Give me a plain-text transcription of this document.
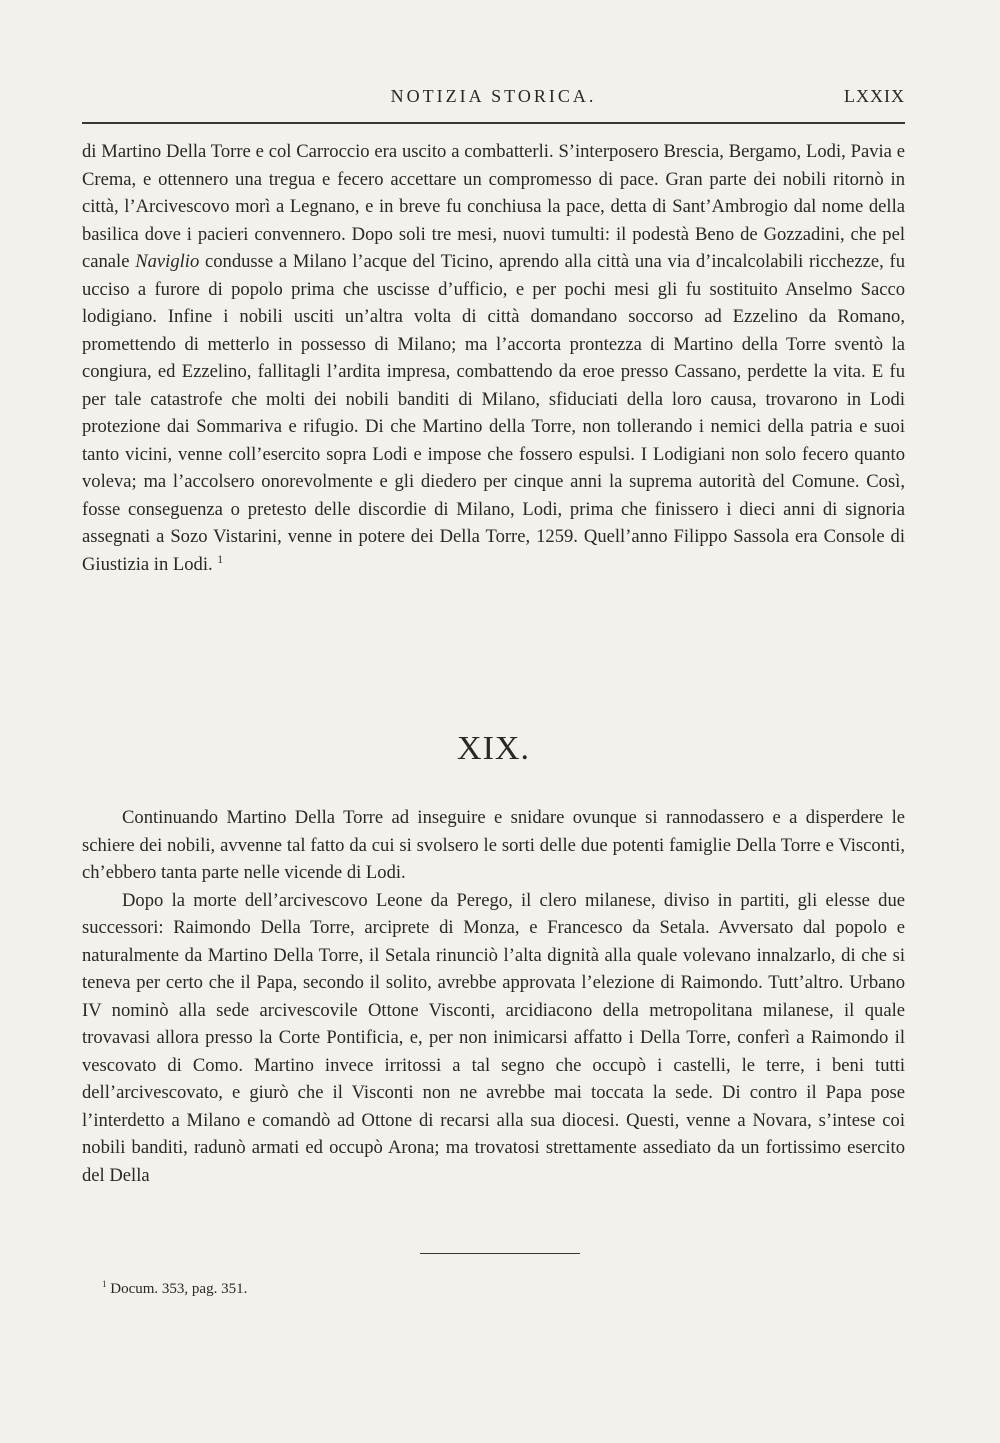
NOTIZIA STORICA.	LXXIX

di Martino Della Torre e col Carroccio era uscito a combatterli. S’interposero Brescia, Bergamo, Lodi, Pavia e Crema, e ottennero una tregua e fecero accettare un compromesso di pace. Gran parte dei nobili ritornò in città, l’Arcivescovo morì a Legnano, e in breve fu conchiusa la pace, detta di Sant’Ambrogio dal nome della basilica dove i pacieri convennero. Dopo soli tre mesi, nuovi tumulti: il podestà Beno de Gozzadini, che pel canale Naviglio condusse a Milano l’acque del Ticino, aprendo alla città una via d’incalcolabili ricchezze, fu ucciso a furore di popolo prima che uscisse d’ufficio, e per pochi mesi gli fu sostituito Anselmo Sacco lodigiano. Infine i nobili usciti un’altra volta di città domandano soccorso ad Ezzelino da Romano, promettendo di metterlo in possesso di Milano; ma l’accorta prontezza di Martino della Torre sventò la congiura, ed Ezzelino, fallitagli l’ardita impresa, combattendo da eroe presso Cassano, perdette la vita. E fu per tale catastrofe che molti dei nobili banditi di Milano, sfiduciati della loro causa, trovarono in Lodi protezione dai Sommariva e rifugio. Di che Martino della Torre, non tollerando i nemici della patria e suoi tanto vicini, venne coll’esercito sopra Lodi e impose che fossero espulsi. I Lodigiani non solo fecero quanto voleva; ma l’accolsero onorevolmente e gli diedero per cinque anni la suprema autorità del Comune. Così, fosse conseguenza o pretesto delle discordie di Milano, Lodi, prima che finissero i dieci anni di signoria assegnati a Sozo Vistarini, venne in potere dei Della Torre, 1259. Quell’anno Filippo Sassola era Console di Giustizia in Lodi. $^1$

XIX.

Continuando Martino Della Torre ad inseguire e snidare ovunque si rannodassero e a disperdere le schiere dei nobili, avvenne tal fatto da cui si svolsero le sorti delle due potenti famiglie Della Torre e Visconti, ch’ebbero tanta parte nelle vicende di Lodi.

Dopo la morte dell’arcivescovo Leone da Perego, il clero milanese, diviso in partiti, gli elesse due successori: Raimondo Della Torre, arciprete di Monza, e Francesco da Setala. Avversato dal popolo e naturalmente da Martino Della Torre, il Setala rinunciò l’alta dignità alla quale volevano innalzarlo, di che si teneva per certo che il Papa, secondo il solito, avrebbe approvata l’elezione di Raimondo. Tutt’altro. Urbano IV nominò alla sede arcivescovile Ottone Visconti, arcidiacono della metropolitana milanese, il quale trovavasi allora presso la Corte Pontificia, e, per non inimicarsi affatto i Della Torre, conferì a Raimondo il vescovato di Como. Martino invece irritossi a tal segno che occupò i castelli, le terre, i beni tutti dell’arcivescovato, e giurò che il Visconti non ne avrebbe mai toccata la sede. Di contro il Papa pose l’interdetto a Milano e comandò ad Ottone di recarsi alla sua diocesi. Questi, venne a Novara, s’intese coi nobili banditi, radunò armati ed occupò Arona; ma trovatosi strettamente assediato da un fortissimo esercito del Della

$^1$ Docum. 353, pag. 351.
